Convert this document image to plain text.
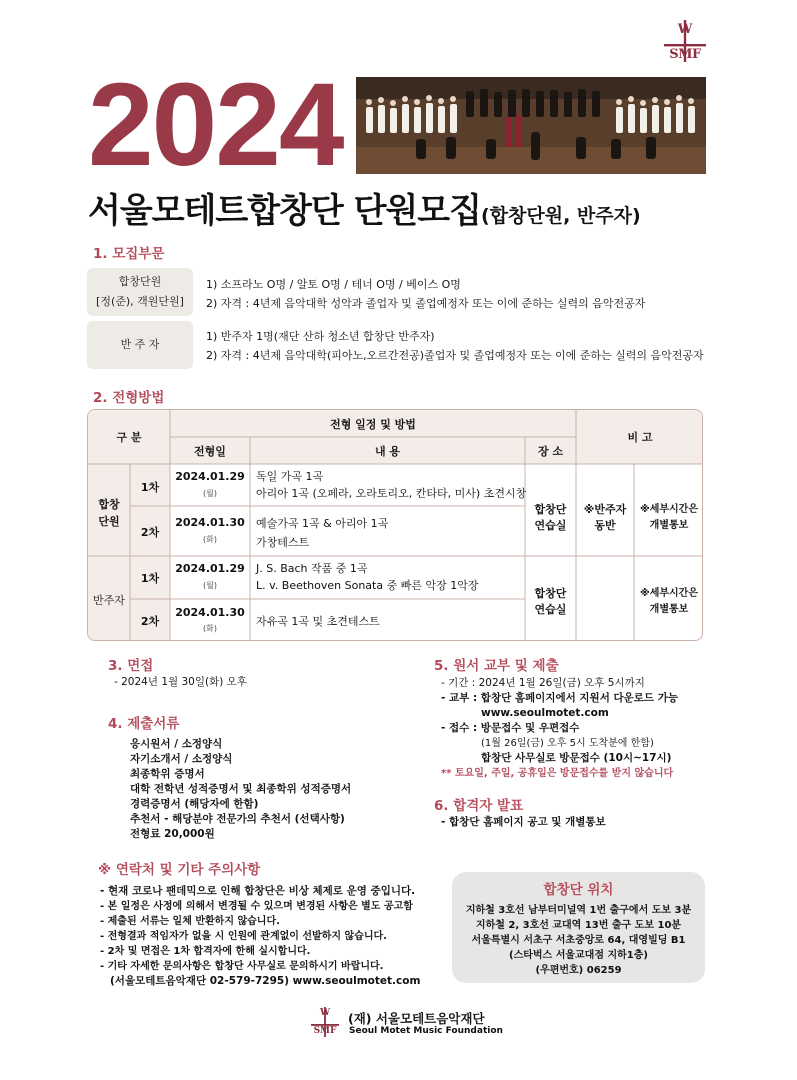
W
SMF
2024
서울모테트합창단 단원모집(합창단원, 반주자)
1. 모집부문
합창단원
[정(준), 객원단원]
1) 소프라노 O명 / 알토 O명 / 테너 O명 / 베이스 O명
2) 자격 : 4년제 음악대학 성악과 졸업자 및 졸업예정자 또는 이에 준하는 실력의 음악전공자
반 주 자
1) 반주자 1명(재단 산하 청소년 합창단 반주자)
2) 자격 : 4년제 음악대학(피아노,오르간전공)졸업자 및 졸업예정자 또는 이에 준하는 실력의 음악전공자
2. 전형방법
구 분
전형 일정 및 방법
전형일	내 용	장 소
비 고
합창
단원
반주자
1차
2024.01.29
(월)
독일 가곡 1곡
아리아 1곡 (오페라, 오라토리오, 칸타타, 미사) 초견시창
2차
2024.01.30
(화)
예술가곡 1곡 & 아리아 1곡
가창테스트
합창단
연습실
※반주자
동반
※세부시간은
개별통보
1차
2024.01.29
(월)
J. S. Bach 작품 중 1곡
L. v. Beethoven Sonata 중 빠른 악장 1악장
2차
2024.01.30
(화)
자유곡 1곡 및 초견테스트
합창단
연습실
※세부시간은
개별통보
3. 면접
- 2024년 1월 30일(화) 오후
4. 제출서류
응시원서 / 소정양식
자기소개서 / 소정양식
최종학위 증명서
대학 전학년 성적증명서 및 최종학위 성적증명서
경력증명서 (해당자에 한함)
추천서 - 해당분야 전문가의 추천서 (선택사항)
전형료 20,000원
5. 원서 교부 및 제출
- 기간 : 2024년 1월 26일(금) 오후 5시까지
- 교부 : 합창단 홈페이지에서 지원서 다운로드 가능
www.seoulmotet.com
- 접수 : 방문접수 및 우편접수
(1월 26일(금) 오후 5시 도착분에 한함)
합창단 사무실로 방문접수 (10시~17시)
** 토요일, 주일, 공휴일은 방문접수를 받지 않습니다
6. 합격자 발표
- 합창단 홈페이지 공고 및 개별통보
※ 연락처 및 기타 주의사항
- 현재 코로나 팬데믹으로 인해 합창단은 비상 체제로 운영 중입니다.
- 본 일정은 사정에 의해서 변경될 수 있으며 변경된 사항은 별도 공고함
- 제출된 서류는 일체 반환하지 않습니다.
- 전형결과 적임자가 없을 시 인원에 관계없이 선발하지 않습니다.
- 2차 및 면접은 1차 합격자에 한해 실시합니다.
- 기타 자세한 문의사항은 합창단 사무실로 문의하시기 바랍니다.
(서울모테트음악재단 02-579-7295) www.seoulmotet.com
합창단 위치
지하철 3호선 남부터미널역 1번 출구에서 도보 3분
지하철 2, 3호선 교대역 13번 출구 도보 10분
서울특별시 서초구 서초중앙로 64, 대영빌딩 B1
(스타벅스 서울교대점 지하1층)
(우편번호) 06259
W
SMF
(재) 서울모테트음악재단
Seoul Motet Music Foundation
